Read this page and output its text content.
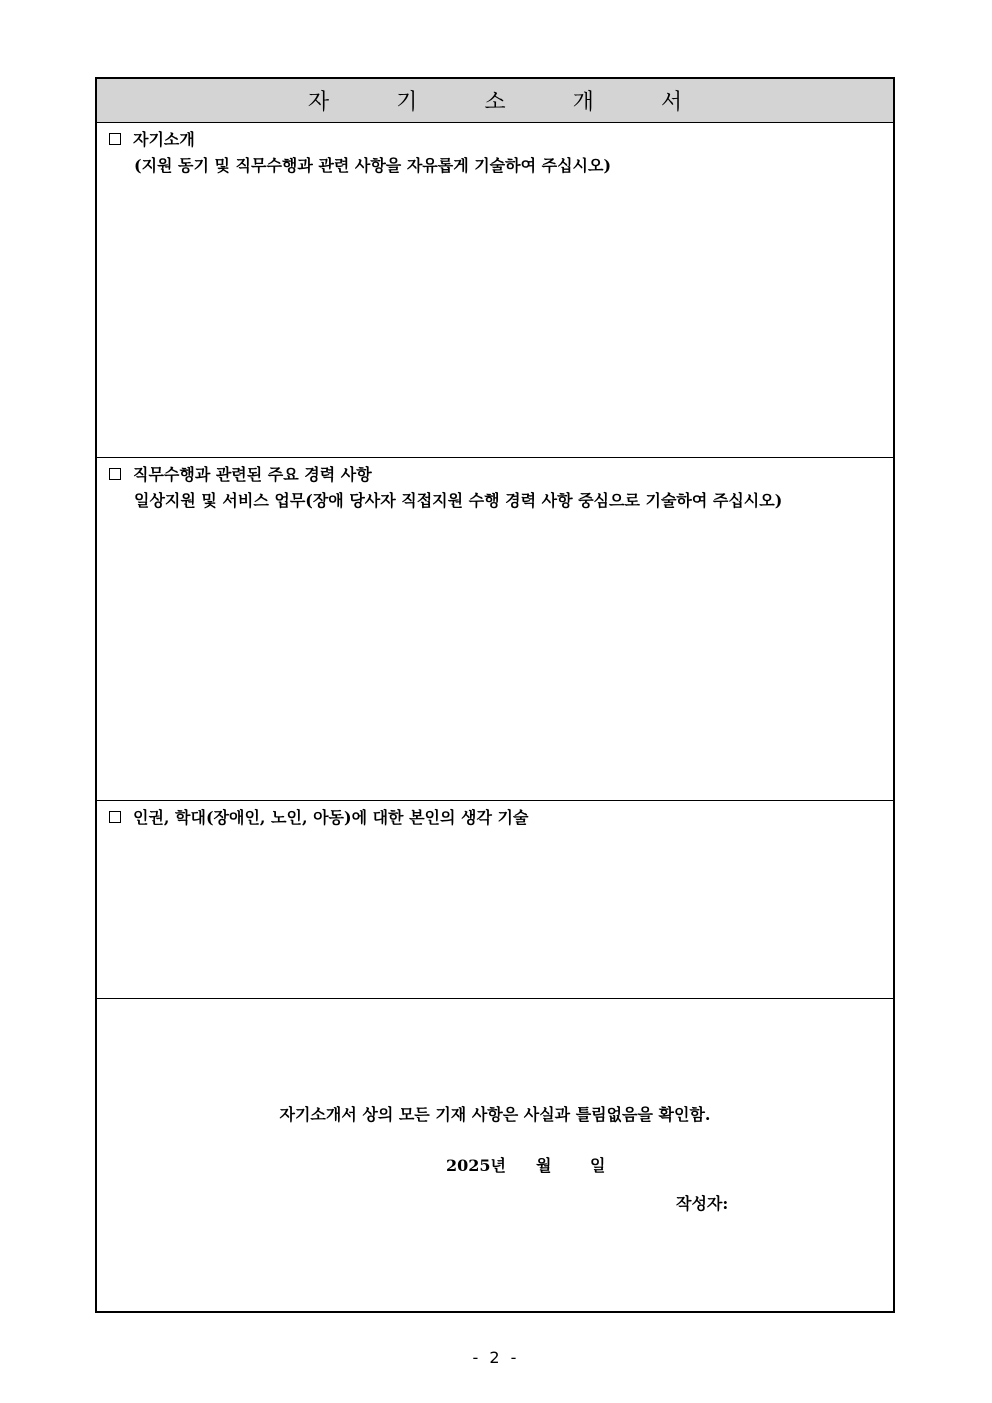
자 기 소 개 서
자기소개
(지원 동기 및 직무수행과 관련 사항을 자유롭게 기술하여 주십시오)
직무수행과 관련된 주요 경력 사항
일상지원 및 서비스 업무(장애 당사자 직접지원 수행 경력 사항 중심으로 기술하여 주십시오)
인권, 학대(장애인, 노인, 아동)에 대한 본인의 생각 기술
자기소개서 상의 모든 기재 사항은 사실과 틀림없음을 확인함.
2025년 월 일
작성자:
- 2 -
